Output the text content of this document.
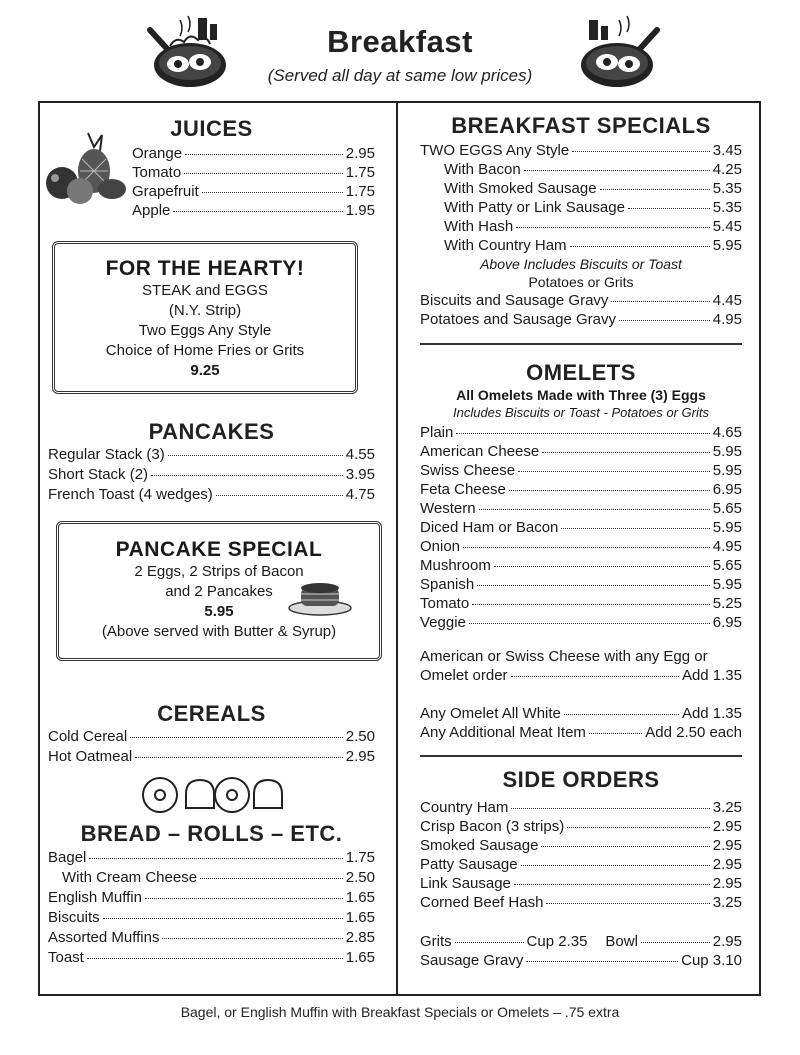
Breakfast
(Served all day at same low prices)
JUICES
Orange	2.95
Tomato	1.75
Grapefruit	1.75
Apple	1.95
FOR THE HEARTY!
STEAK and EGGS
(N.Y. Strip)
Two Eggs Any Style
Choice of Home Fries or Grits
9.25
PANCAKES
Regular Stack (3)	4.55
Short Stack (2)	3.95
French Toast (4 wedges)	4.75
PANCAKE SPECIAL
2 Eggs, 2 Strips of Bacon
and 2 Pancakes
5.95
(Above served with Butter & Syrup)
CEREALS
Cold Cereal	2.50
Hot Oatmeal	2.95
BREAD – ROLLS – ETC.
Bagel	1.75
With Cream Cheese	2.50
English Muffin	1.65
Biscuits	1.65
Assorted Muffins	2.85
Toast	1.65
BREAKFAST SPECIALS
TWO EGGS Any Style	3.45
With Bacon	4.25
With Smoked Sausage	5.35
With Patty or Link Sausage	5.35
With Hash	5.45
With Country Ham	5.95
Above Includes Biscuits or Toast
Potatoes or Grits
Biscuits and Sausage Gravy	4.45
Potatoes and Sausage Gravy	4.95
OMELETS
All Omelets Made with Three (3) Eggs
Includes Biscuits or Toast - Potatoes or Grits
Plain	4.65
American Cheese	5.95
Swiss Cheese	5.95
Feta Cheese	6.95
Western	5.65
Diced Ham or Bacon	5.95
Onion	4.95
Mushroom	5.65
Spanish	5.95
Tomato	5.25
Veggie	6.95
American or Swiss Cheese with any Egg or
Omelet order	Add 1.35
Any Omelet All White	Add 1.35
Any Additional Meat Item	Add 2.50 each
SIDE ORDERS
Country Ham	3.25
Crisp Bacon (3 strips)	2.95
Smoked Sausage	2.95
Patty Sausage	2.95
Link Sausage	2.95
Corned Beef Hash	3.25
Grits	Cup 2.35 Bowl	2.95
Sausage Gravy	Cup 3.10
Bagel, or English Muffin with Breakfast Specials or Omelets – .75 extra
